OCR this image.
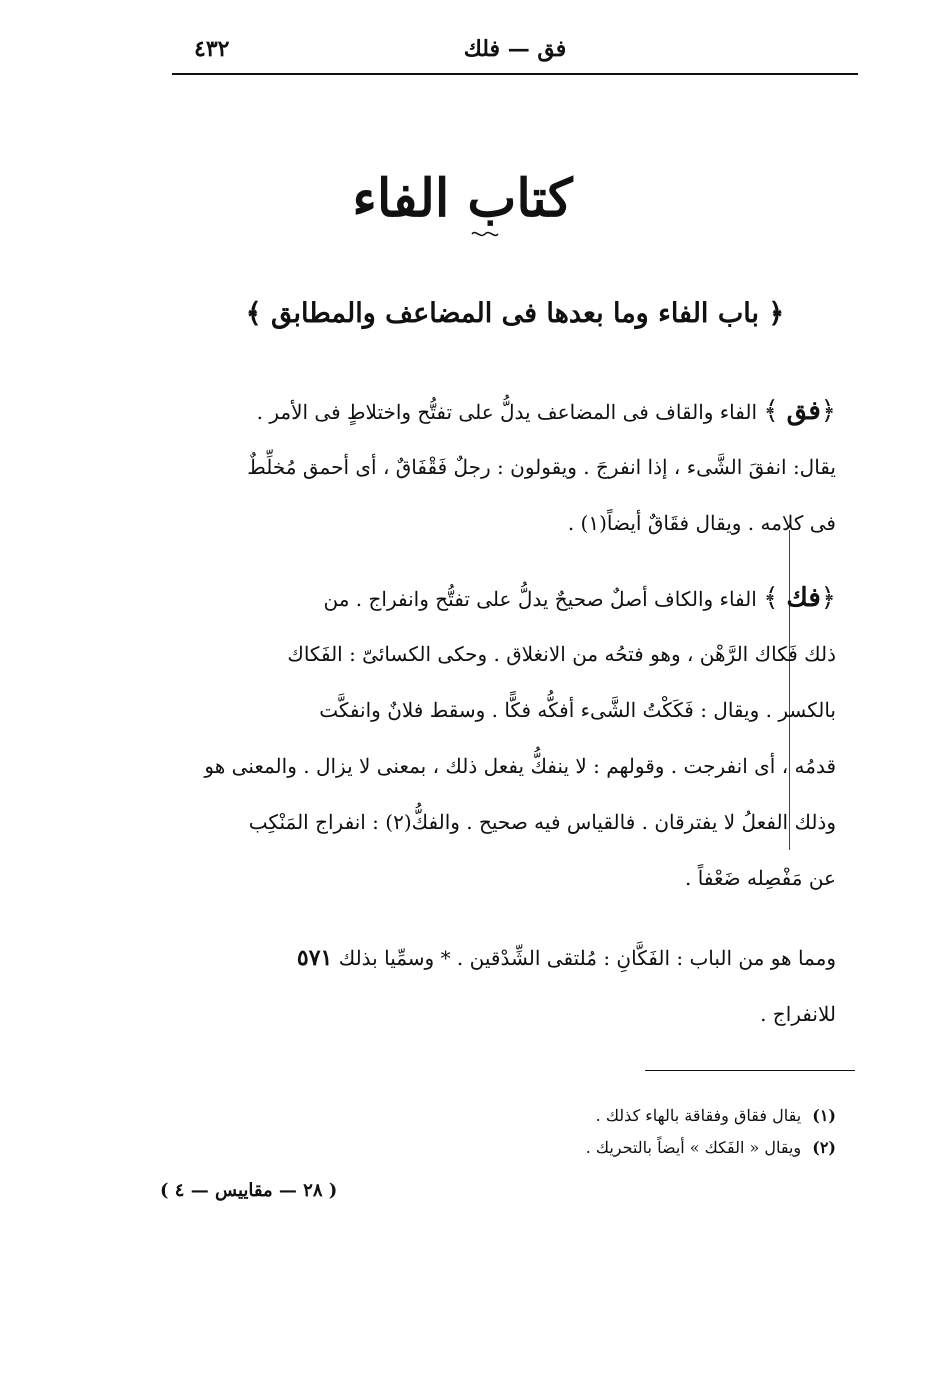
فق — فلك
٤٣٢
كتاب الفاء
﴿ باب الفاء وما بعدها فى المضاعف والمطابق ﴾
﴿فق﴾ الفاء والقاف فى المضاعف يدلُّ على تفتُّح واختلاطٍ فى الأمر .
يقال: انفقَ الشَّىء ، إذا انفرجَ . ويقولون : رجلٌ فَقْفَاقٌ ، أى أحمق مُخلِّطٌ
فى كلامه . ويقال فقَاقٌ أيضاً(١) .
﴿فك﴾ الفاء والكاف أصلٌ صحيحٌ يدلُّ على تفتُّح وانفراج . من
ذلك فَكاك الرَّهْن ، وهو فتحُه من الانغلاق . وحكى الكسائىّ : الفَكاك
بالكسر . ويقال : فَكَكْتُ الشَّىء أفكُّه فكًّا . وسقط فلانٌ وانفكَّت
قدمُه ، أى انفرجت . وقولهم : لا ينفكُّ يفعل ذلك ، بمعنى لا يزال . والمعنى هو
وذلك الفعلُ لا يفترقان . فالقياس فيه صحيح . والفكُّ(٢) : انفراج المَنْكِب
عن مَفْصِله ضَعْفاً .
ومما هو من الباب : الفَكَّانِ : مُلتقى الشِّدْقين . * وسمِّيا بذلك ٥٧١
للانفراج .
(١) يقال فقاق وفقاقة بالهاء كذلك .
(٢) ويقال « الفَكك » أيضاً بالتحريك .
( ٢٨ — مقاييس — ٤ )
